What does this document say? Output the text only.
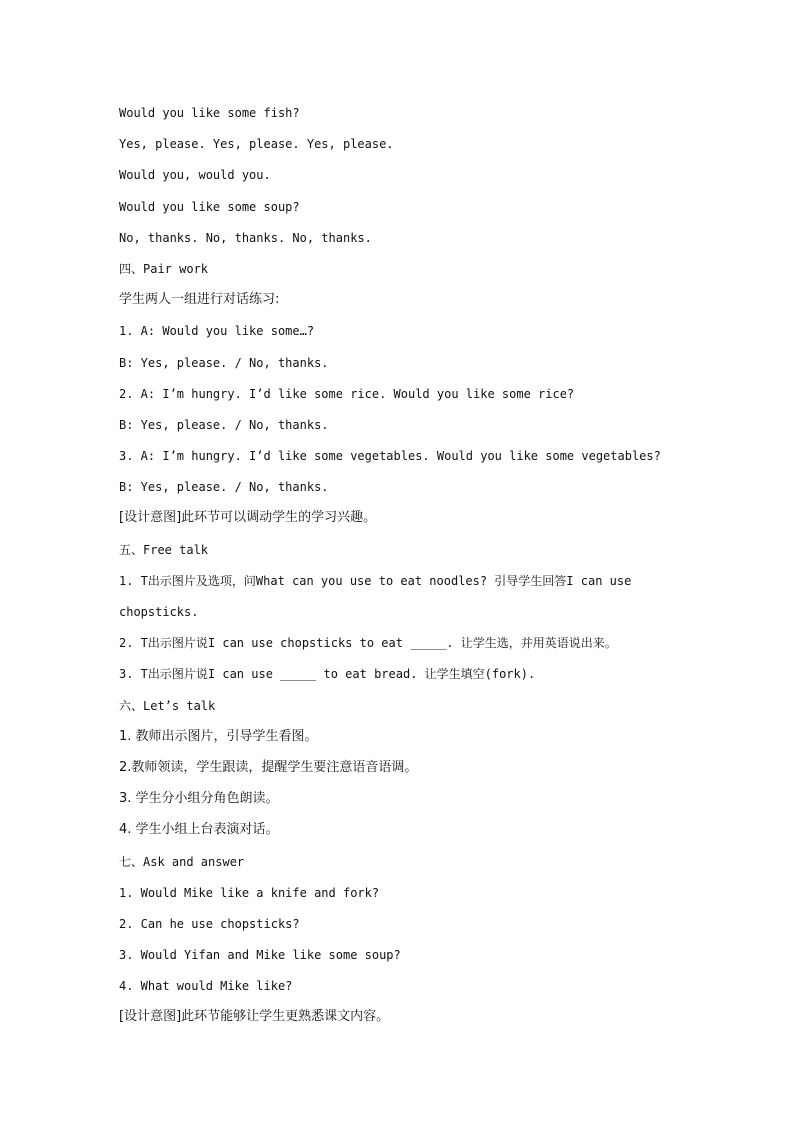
Would you like some fish?
Yes, please. Yes, please. Yes, please.
Would you, would you.
Would you like some soup?
No, thanks. No, thanks. No, thanks.
四、Pair work
学生两人一组进行对话练习:
1. A: Would you like some…?
B: Yes, please. / No, thanks.
2. A: I’m hungry. I’d like some rice. Would you like some rice?
B: Yes, please. / No, thanks.
3. A: I’m hungry. I’d like some vegetables. Would you like some vegetables?
B: Yes, please. / No, thanks.
[设计意图]此环节可以调动学生的学习兴趣。
五、Free talk
1. T出示图片及选项，问What can you use to eat noodles? 引导学生回答I can use
chopsticks.
2. T出示图片说I can use chopsticks to eat _____. 让学生选，并用英语说出来。
3. T出示图片说I can use _____ to eat bread. 让学生填空(fork).
六、Let’s talk
1. 教师出示图片，引导学生看图。
2.教师领读，学生跟读，提醒学生要注意语音语调。
3. 学生分小组分角色朗读。
4. 学生小组上台表演对话。
七、Ask and answer
1. Would Mike like a knife and fork?
2. Can he use chopsticks?
3. Would Yifan and Mike like some soup?
4. What would Mike like?
[设计意图]此环节能够让学生更熟悉课文内容。
